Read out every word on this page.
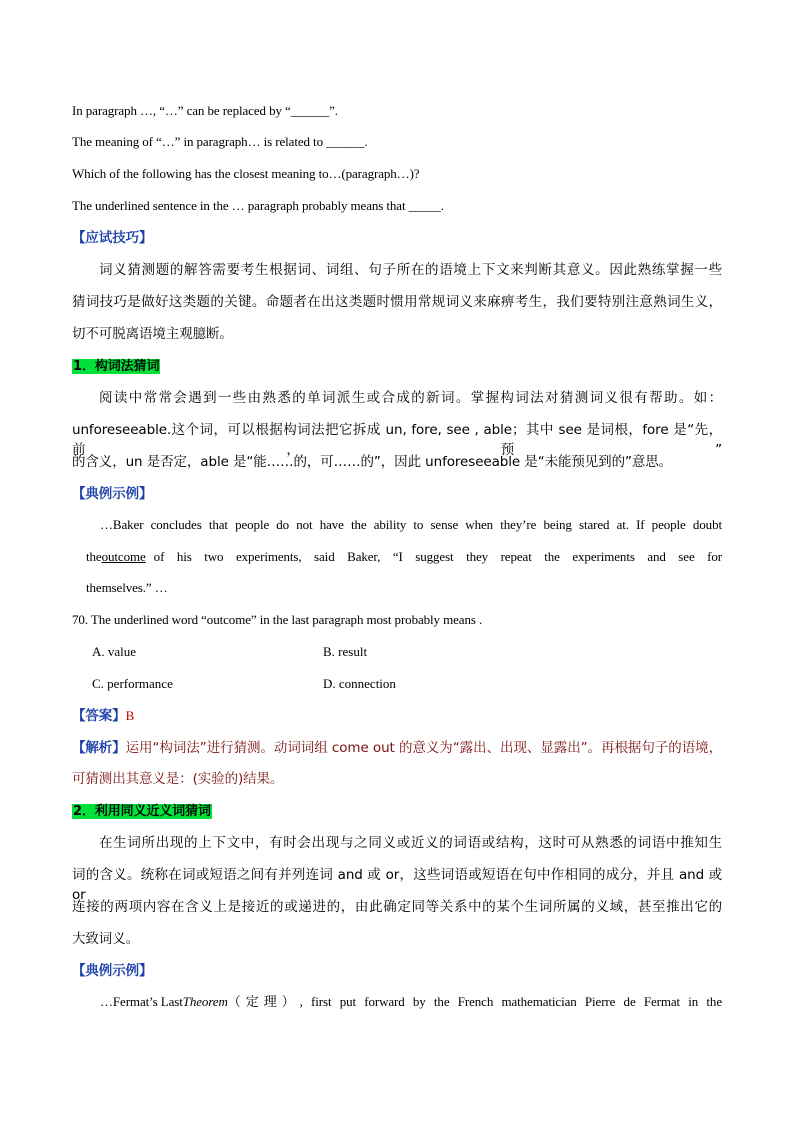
In paragraph …, “…” can be replaced by “______”.
The meaning of “…” in paragraph… is related to ______.
Which of the following has the closest meaning to…(paragraph…)?
The underlined sentence in the … paragraph probably means that _____.
【应试技巧】
词义猜测题的解答需要考生根据词、词组、句子所在的语境上下文来判断其意义。因此熟练掌握一些
猜词技巧是做好这类题的关键。命题者在出这类题时惯用常规词义来麻痹考生，我们要特别注意熟词生义，
切不可脱离语境主观臆断。
1．构词法猜词
阅读中常常会遇到一些由熟悉的单词派生或合成的新词。掌握构词法对猜测词义很有帮助。如：
unforeseeable.这个词，可以根据构词法把它拆成 un, fore, see , able；其中 see 是词根，fore 是“先，前，预”
的含义，un 是否定，able 是“能……的，可……的”，因此 unforeseeable 是“未能预见到的”意思。
【典例示例】
…Baker concludes that people do not have the ability to sense when they’re being stared at. If people doubt
the outcome of his two experiments, said Baker, “I suggest they repeat the experiments and see for
themselves.” …
70. The underlined word “outcome” in the last paragraph most probably means .
A. value	B. result
C. performance	D. connection
【答案】B
【解析】 运用“构词法”进行猜测。动词词组 come out 的意义为“露出、出现、显露出”。再根据句子的语境，
可猜测出其意义是：(实验的)结果。
2．利用同义近义词猜词
在生词所出现的上下文中，有时会出现与之同义或近义的词语或结构，这时可从熟悉的词语中推知生
词的含义。统称在词或短语之间有并列连词 and 或 or，这些词语或短语在句中作相同的成分，并且 and 或 or
连接的两项内容在含义上是接近的或递进的，由此确定同等关系中的某个生词所属的义域，甚至推出它的
大致词义。
【典例示例】
…Fermat’s Last Theorem （定理）, first put forward by the French mathematician Pierre de Fermat in the
